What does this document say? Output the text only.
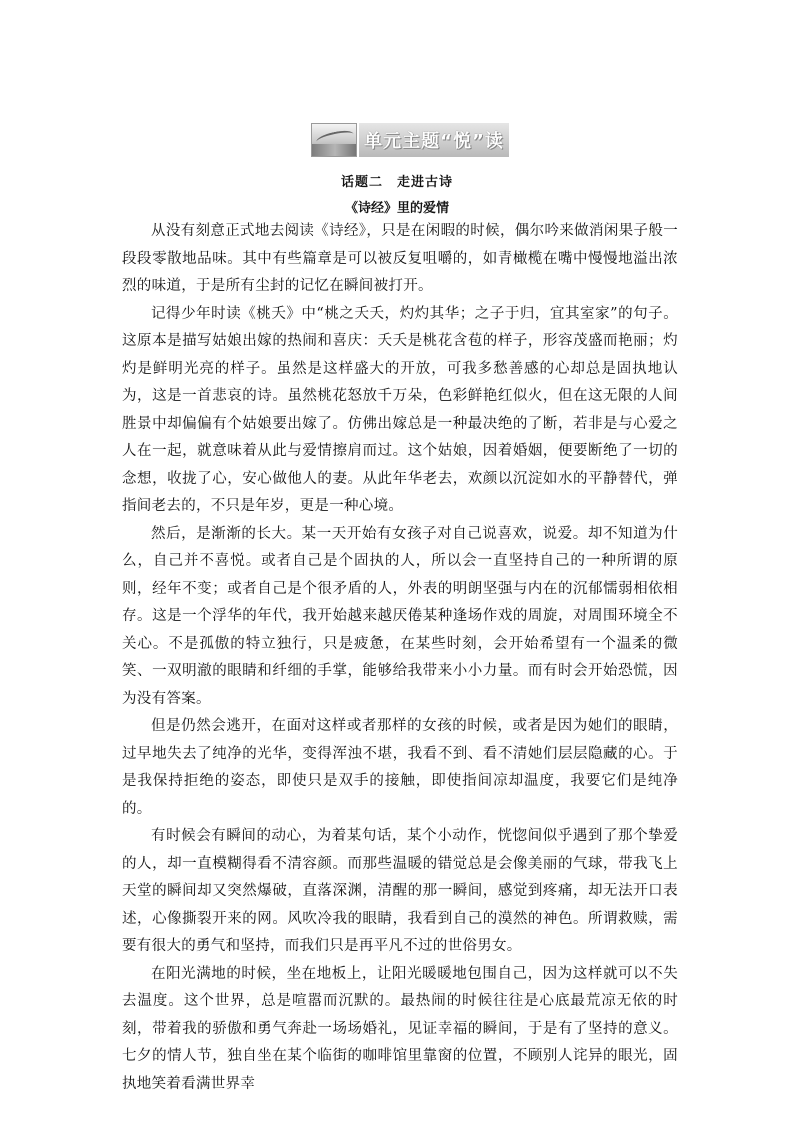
单元主题“悦”读
话题二　走进古诗
《诗经》里的爱情

从没有刻意正式地去阅读《诗经》，只是在闲暇的时候，偶尔吟来做消闲果子般一段段零散地品味。其中有些篇章是可以被反复咀嚼的，如青橄榄在嘴中慢慢地溢出浓烈的味道，于是所有尘封的记忆在瞬间被打开。

记得少年时读《桃夭》中“桃之夭夭，灼灼其华；之子于归，宜其室家”的句子。这原本是描写姑娘出嫁的热闹和喜庆：夭夭是桃花含苞的样子，形容茂盛而艳丽；灼灼是鲜明光亮的样子。虽然是这样盛大的开放，可我多愁善感的心却总是固执地认为，这是一首悲哀的诗。虽然桃花怒放千万朵，色彩鲜艳红似火，但在这无限的人间胜景中却偏偏有个姑娘要出嫁了。仿佛出嫁总是一种最决绝的了断，若非是与心爱之人在一起，就意味着从此与爱情擦肩而过。这个姑娘，因着婚姻，便要断绝了一切的念想，收拢了心，安心做他人的妻。从此年华老去，欢颜以沉淀如水的平静替代，弹指间老去的，不只是年岁，更是一种心境。

然后，是渐渐的长大。某一天开始有女孩子对自己说喜欢，说爱。却不知道为什么，自己并不喜悦。或者自己是个固执的人，所以会一直坚持自己的一种所谓的原则，经年不变；或者自己是个很矛盾的人，外表的明朗坚强与内在的沉郁懦弱相依相存。这是一个浮华的年代，我开始越来越厌倦某种逢场作戏的周旋，对周围环境全不关心。不是孤傲的特立独行，只是疲惫，在某些时刻，会开始希望有一个温柔的微笑、一双明澈的眼睛和纤细的手掌，能够给我带来小小力量。而有时会开始恐慌，因为没有答案。

但是仍然会逃开，在面对这样或者那样的女孩的时候，或者是因为她们的眼睛，过早地失去了纯净的光华，变得浑浊不堪，我看不到、看不清她们层层隐藏的心。于是我保持拒绝的姿态，即使只是双手的接触，即使指间凉却温度，我要它们是纯净的。

有时候会有瞬间的动心，为着某句话，某个小动作，恍惚间似乎遇到了那个挚爱的人，却一直模糊得看不清容颜。而那些温暖的错觉总是会像美丽的气球，带我飞上天堂的瞬间却又突然爆破，直落深渊，清醒的那一瞬间，感觉到疼痛，却无法开口表述，心像撕裂开来的网。风吹冷我的眼睛，我看到自己的漠然的神色。所谓救赎，需要有很大的勇气和坚持，而我们只是再平凡不过的世俗男女。

在阳光满地的时候，坐在地板上，让阳光暖暖地包围自己，因为这样就可以不失去温度。这个世界，总是喧嚣而沉默的。最热闹的时候往往是心底最荒凉无依的时刻，带着我的骄傲和勇气奔赴一场场婚礼，见证幸福的瞬间，于是有了坚持的意义。七夕的情人节，独自坐在某个临街的咖啡馆里靠窗的位置，不顾别人诧异的眼光，固执地笑着看满世界幸
